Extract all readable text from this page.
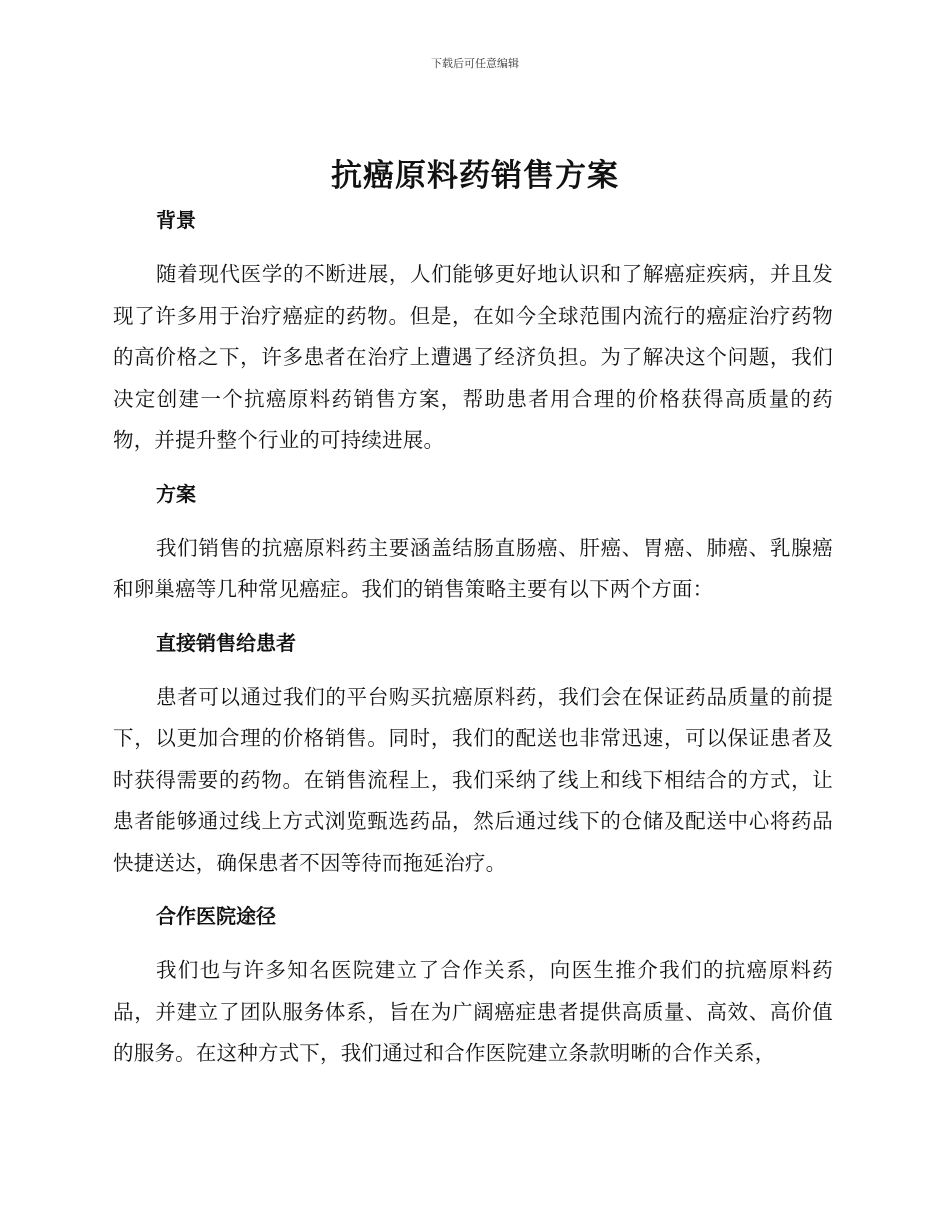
下载后可任意编辑
抗癌原料药销售方案
背景

随着现代医学的不断进展，人们能够更好地认识和了解癌症疾病，并且发现了许多用于治疗癌症的药物。但是，在如今全球范围内流行的癌症治疗药物的高价格之下，许多患者在治疗上遭遇了经济负担。为了解决这个问题，我们决定创建一个抗癌原料药销售方案，帮助患者用合理的价格获得高质量的药物，并提升整个行业的可持续进展。

方案

我们销售的抗癌原料药主要涵盖结肠直肠癌、肝癌、胃癌、肺癌、乳腺癌和卵巢癌等几种常见癌症。我们的销售策略主要有以下两个方面：

直接销售给患者

患者可以通过我们的平台购买抗癌原料药，我们会在保证药品质量的前提下，以更加合理的价格销售。同时，我们的配送也非常迅速，可以保证患者及时获得需要的药物。在销售流程上，我们采纳了线上和线下相结合的方式，让患者能够通过线上方式浏览甄选药品，然后通过线下的仓储及配送中心将药品快捷送达，确保患者不因等待而拖延治疗。

合作医院途径

我们也与许多知名医院建立了合作关系，向医生推介我们的抗癌原料药品，并建立了团队服务体系，旨在为广阔癌症患者提供高质量、高效、高价值的服务。在这种方式下，我们通过和合作医院建立条款明晰的合作关系，
